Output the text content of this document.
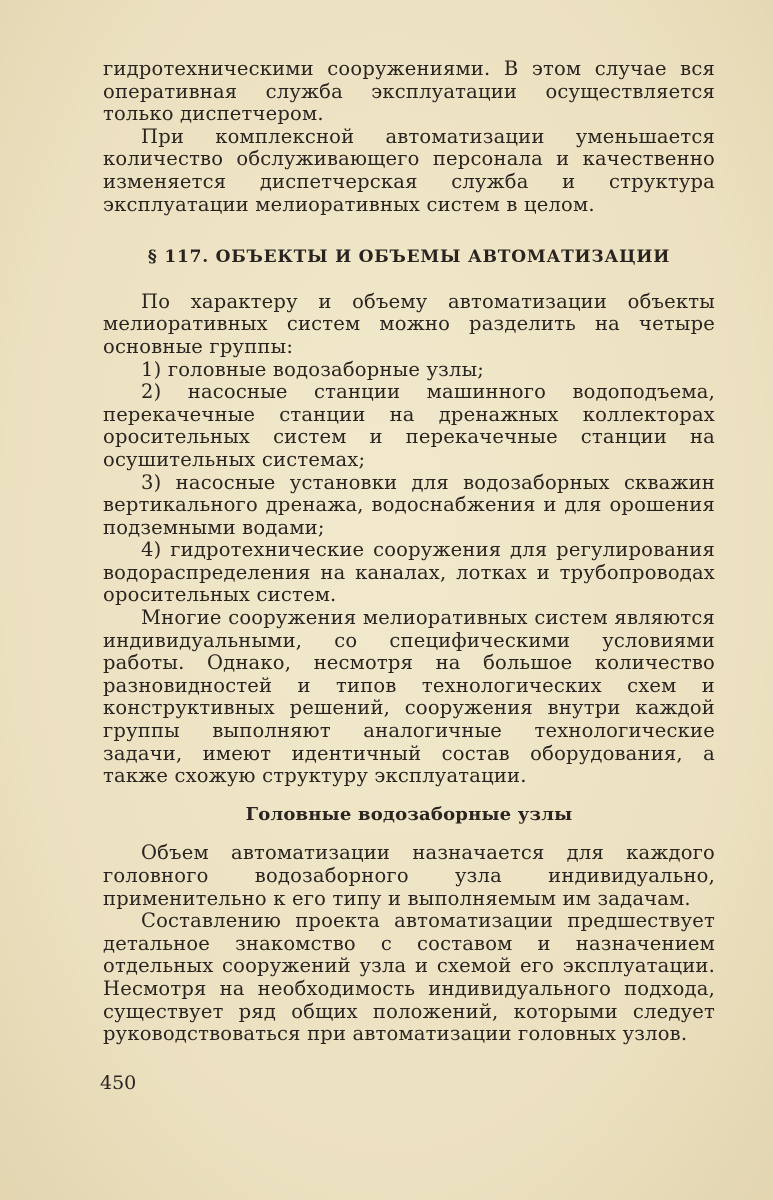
гидротехническими сооружениями. В этом случае вся оперативная служба эксплуатации осуществляется только диспетчером.

При комплексной автоматизации уменьшается количество обслуживающего персонала и качественно изменяется диспетчерская служба и структура эксплуатации мелиоративных систем в целом.

§ 117. ОБЪЕКТЫ И ОБЪЕМЫ АВТОМАТИЗАЦИИ

По характеру и объему автоматизации объекты мелиоративных систем можно разделить на четыре основные группы:

1) головные водозаборные узлы;

2) насосные станции машинного водоподъема, перекачечные станции на дренажных коллекторах оросительных систем и перекачечные станции на осушительных системах;

3) насосные установки для водозаборных скважин вертикального дренажа, водоснабжения и для орошения подземными водами;

4) гидротехнические сооружения для регулирования водораспределения на каналах, лотках и трубопроводах оросительных систем.

Многие сооружения мелиоративных систем являются индивидуальными, со специфическими условиями работы. Однако, несмотря на большое количество разновидностей и типов технологических схем и конструктивных решений, сооружения внутри каждой группы выполняют аналогичные технологические задачи, имеют идентичный состав оборудования, а также схожую структуру эксплуатации.

Головные водозаборные узлы

Объем автоматизации назначается для каждого головного водозаборного узла индивидуально, применительно к его типу и выполняемым им задачам.

Составлению проекта автоматизации предшествует детальное знакомство с составом и назначением отдельных сооружений узла и схемой его эксплуатации. Несмотря на необходимость индивидуального подхода, существует ряд общих положений, которыми следует руководствоваться при автоматизации головных узлов.

450
